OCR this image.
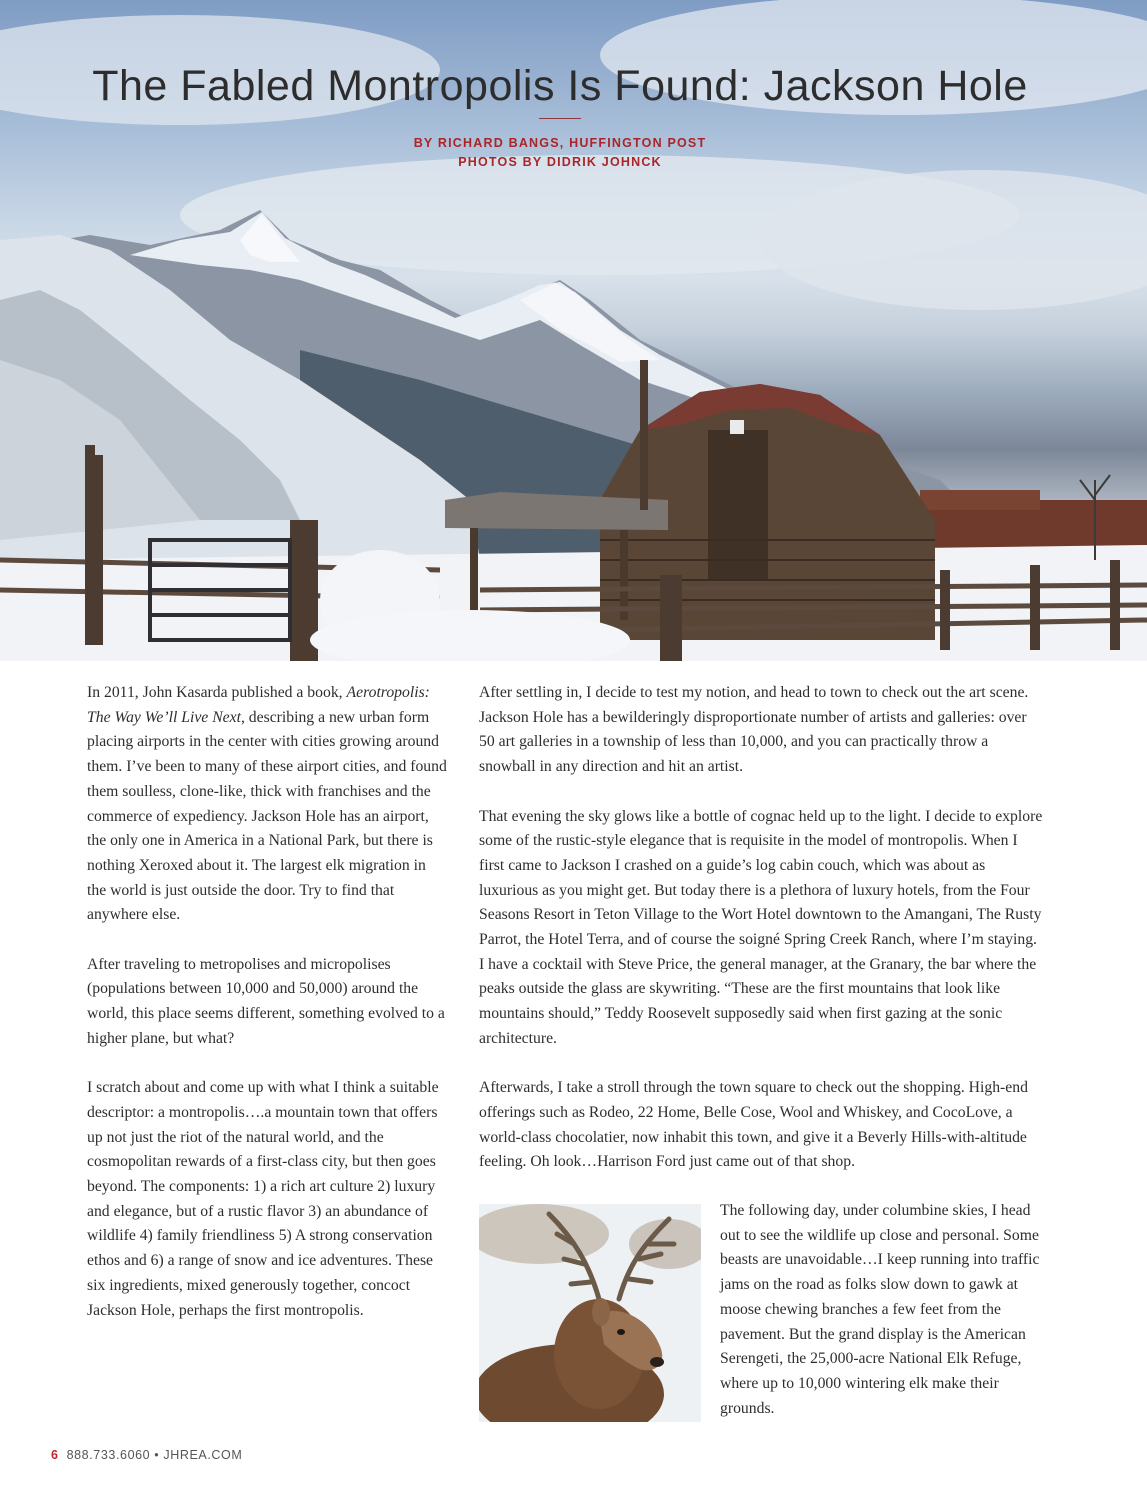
The Fabled Montropolis Is Found: Jackson Hole

BY RICHARD BANGS, HUFFINGTON POST

PHOTOS BY DIDRIK JOHNCK

In 2011, John Kasarda published a book, Aerotropolis: The Way We’ll Live Next, describing a new urban form placing airports in the center with cities growing around them. I’ve been to many of these airport cities, and found them soulless, clone-like, thick with franchises and the commerce of expediency. Jackson Hole has an airport, the only one in America in a National Park, but there is nothing Xeroxed about it. The largest elk migration in the world is just outside the door. Try to find that anywhere else.

After traveling to metropolises and micropolises (populations between 10,000 and 50,000) around the world, this place seems different, something evolved to a higher plane, but what?

I scratch about and come up with what I think a suitable descriptor: a montropolis….a mountain town that offers up not just the riot of the natural world, and the cosmopolitan rewards of a first-class city, but then goes beyond. The components: 1) a rich art culture 2) luxury and elegance, but of a rustic flavor 3) an abundance of wildlife 4) family friendliness 5) A strong conservation ethos and 6) a range of snow and ice adventures. These six ingredients, mixed generously together, concoct Jackson Hole, perhaps the first montropolis.

After settling in, I decide to test my notion, and head to town to check out the art scene. Jackson Hole has a bewilderingly disproportionate number of artists and galleries: over 50 art galleries in a township of less than 10,000, and you can practically throw a snowball in any direction and hit an artist.

That evening the sky glows like a bottle of cognac held up to the light. I decide to explore some of the rustic-style elegance that is requisite in the model of montropolis. When I first came to Jackson I crashed on a guide’s log cabin couch, which was about as luxurious as you might get. But today there is a plethora of luxury hotels, from the Four Seasons Resort in Teton Village to the Wort Hotel downtown to the Amangani, The Rusty Parrot, the Hotel Terra, and of course the soigné Spring Creek Ranch, where I’m staying. I have a cocktail with Steve Price, the general manager, at the Granary, the bar where the peaks outside the glass are skywriting. “These are the first mountains that look like mountains should,” Teddy Roosevelt supposedly said when first gazing at the sonic architecture.

Afterwards, I take a stroll through the town square to check out the shopping. High-end offerings such as Rodeo, 22 Home, Belle Cose, Wool and Whiskey, and CocoLove, a world-class chocolatier, now inhabit this town, and give it a Beverly Hills-with-altitude feeling. Oh look…Harrison Ford just came out of that shop.

The following day, under columbine skies, I head out to see the wildlife up close and personal. Some beasts are unavoidable…I keep running into traffic jams on the road as folks slow down to gawk at moose chewing branches a few feet from the pavement. But the grand display is the American Serengeti, the 25,000-acre National Elk Refuge, where up to 10,000 wintering elk make their grounds.

6 888.733.6060 • JHREA.COM
